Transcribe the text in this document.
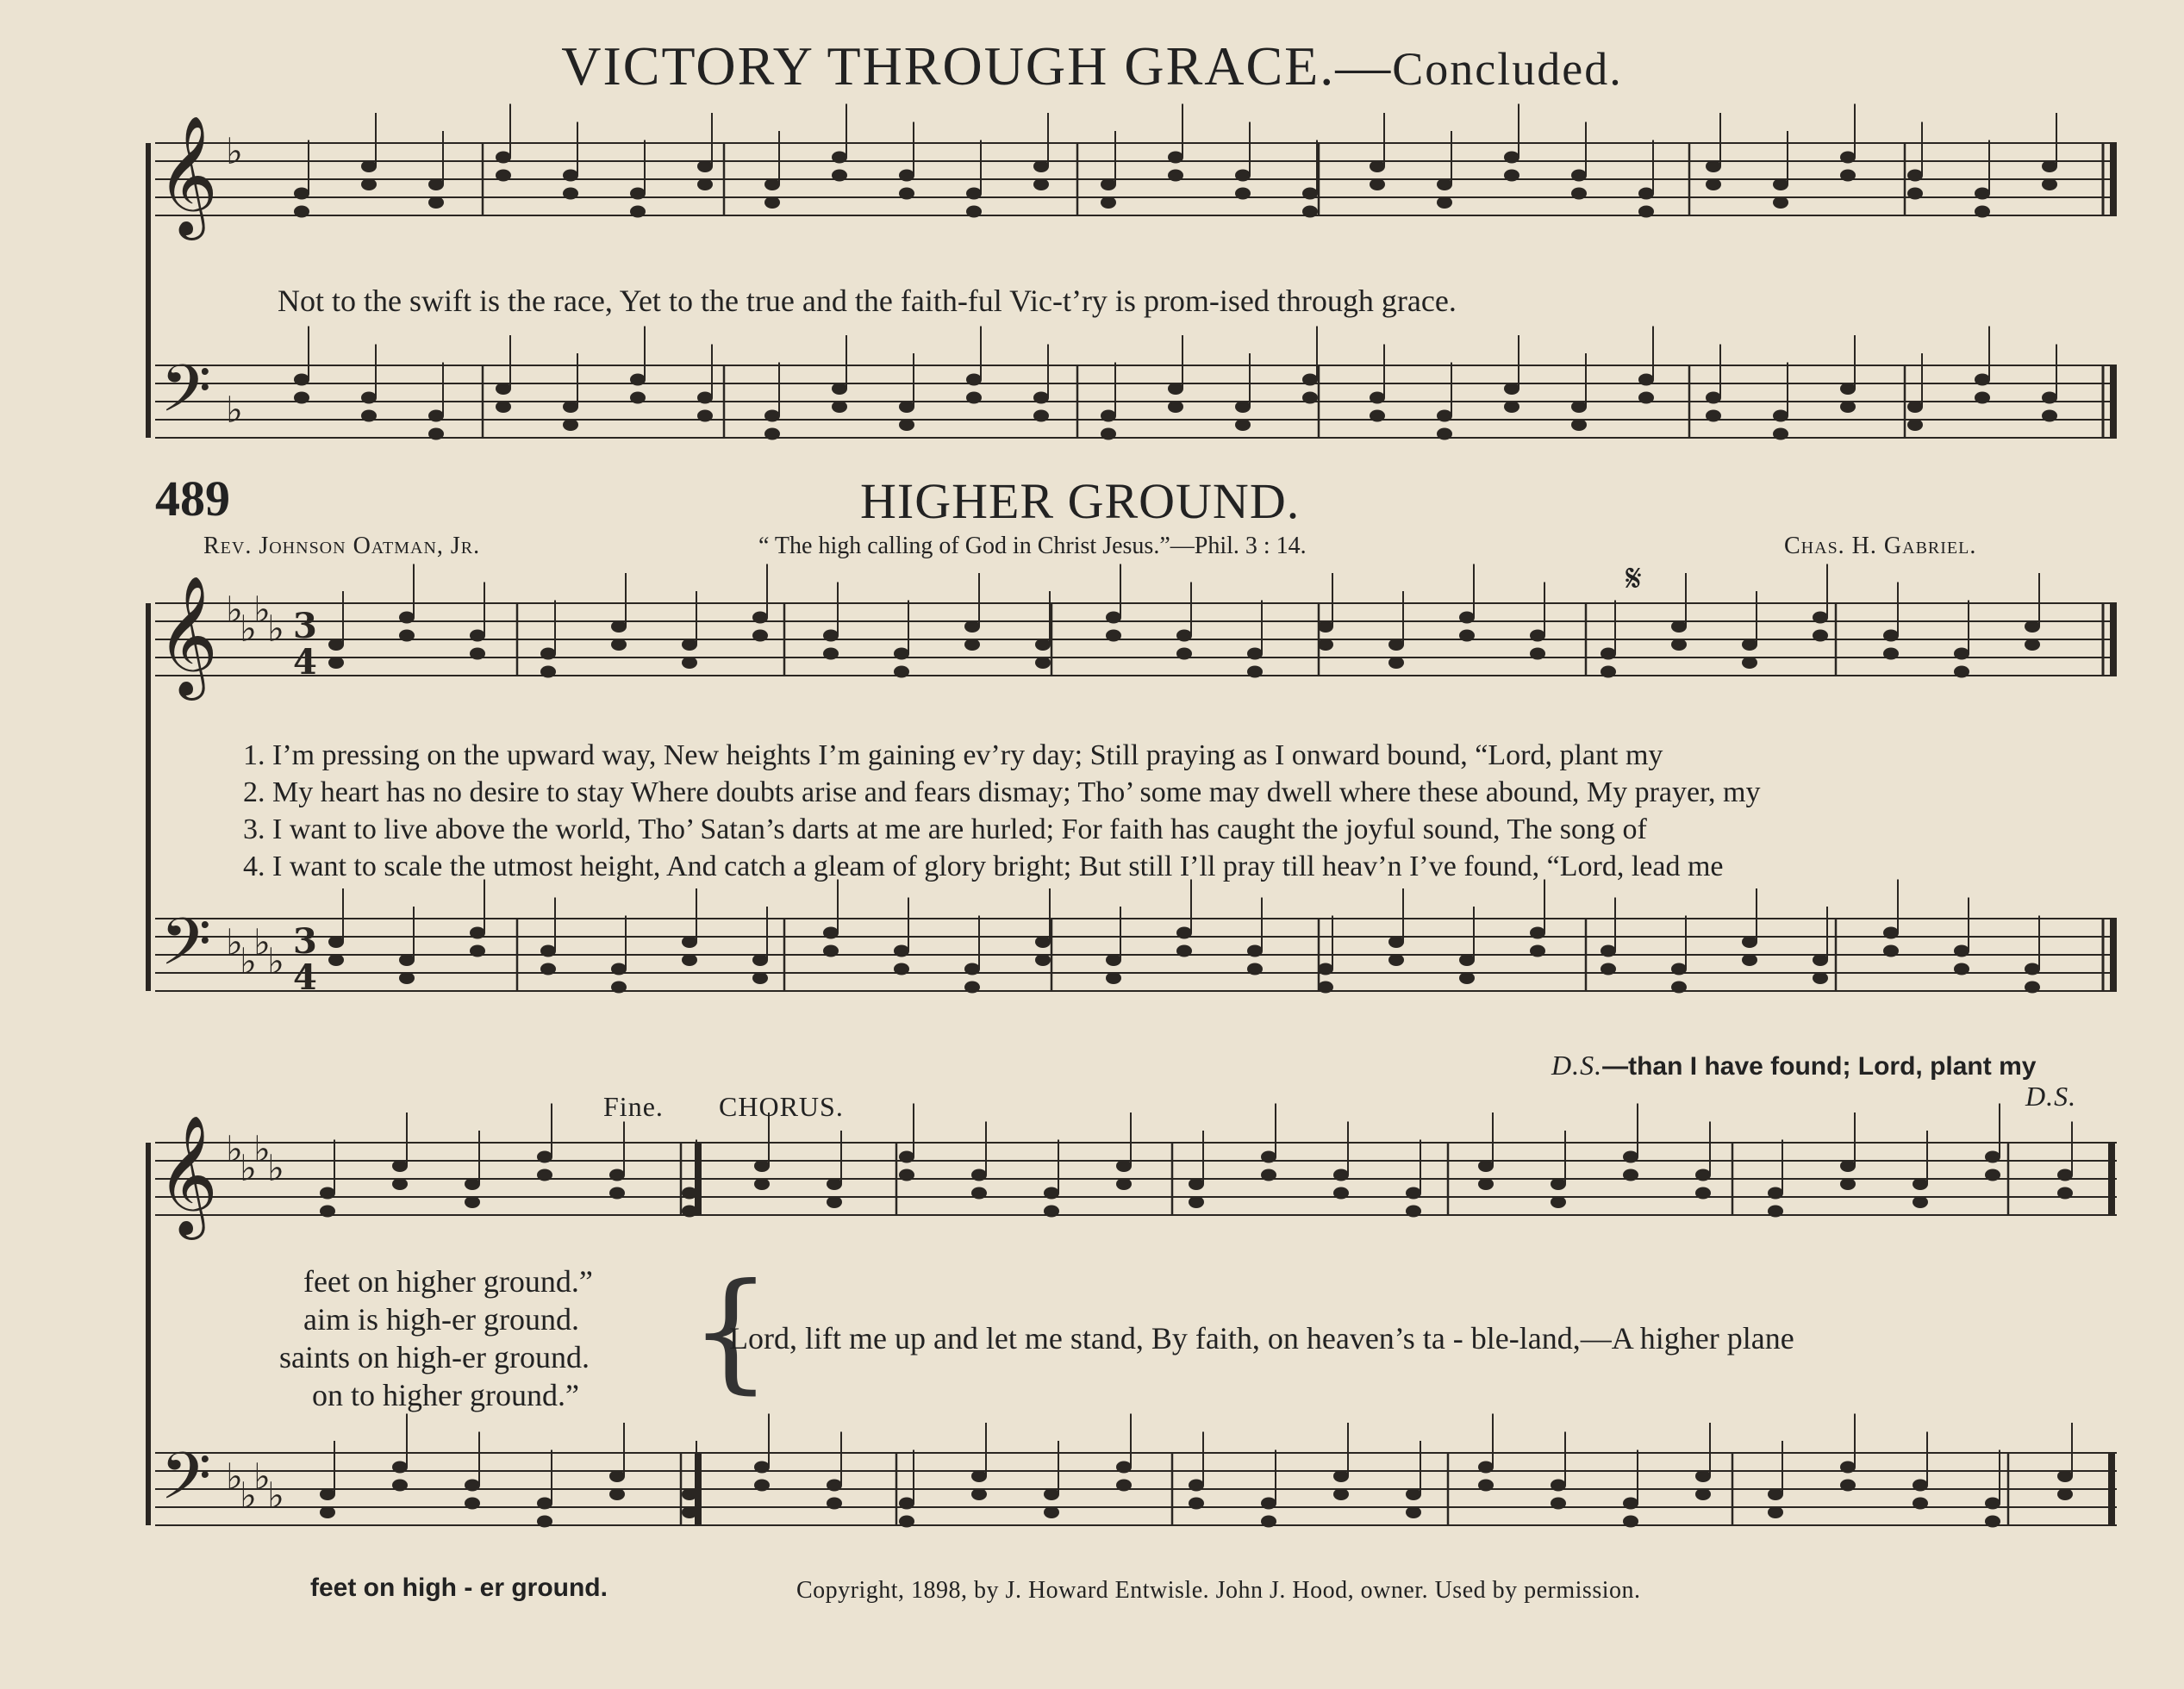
VICTORY THROUGH GRACE.—Concluded.
𝄞
𝄞
𝄞
𝄢
𝄢
𝄢
♭
♭
♭
♭
♭
♭
♭
♭
♭
♭
♭
♭
♭
♭
♭
♭
♭
♭
3
4
3
4
Not to the swift is the race, Yet to the true and the faith-ful Vic-t’ry is prom-ised through grace.
489	HIGHER GROUND.
Rev. Johnson Oatman, Jr.	“ The high calling of God in Christ Jesus.”—Phil. 3 : 14.	Chas. H. Gabriel.
𝄋
1. I’m pressing on the upward way, New heights I’m gaining ev’ry day; Still praying as I onward bound, “Lord, plant my
2. My heart has no desire to stay Where doubts arise and fears dismay; Tho’ some may dwell where these abound, My prayer, my
3. I want to live above the world, Tho’ Satan’s darts at me are hurled; For faith has caught the joyful sound, The song of
4. I want to scale the utmost height, And catch a gleam of glory bright; But still I’ll pray till heav’n I’ve found, “Lord, lead me
D.S.—than I have found; Lord, plant my
Fine. CHORUS.	D.S.
feet on higher ground.”
aim is high-er ground.
saints on high-er ground.
on to higher ground.” {
Lord, lift me up and let me stand, By faith, on heaven’s ta - ble-land,—A higher plane
feet on high - er ground.	Copyright, 1898, by J. Howard Entwisle. John J. Hood, owner. Used by permission.
